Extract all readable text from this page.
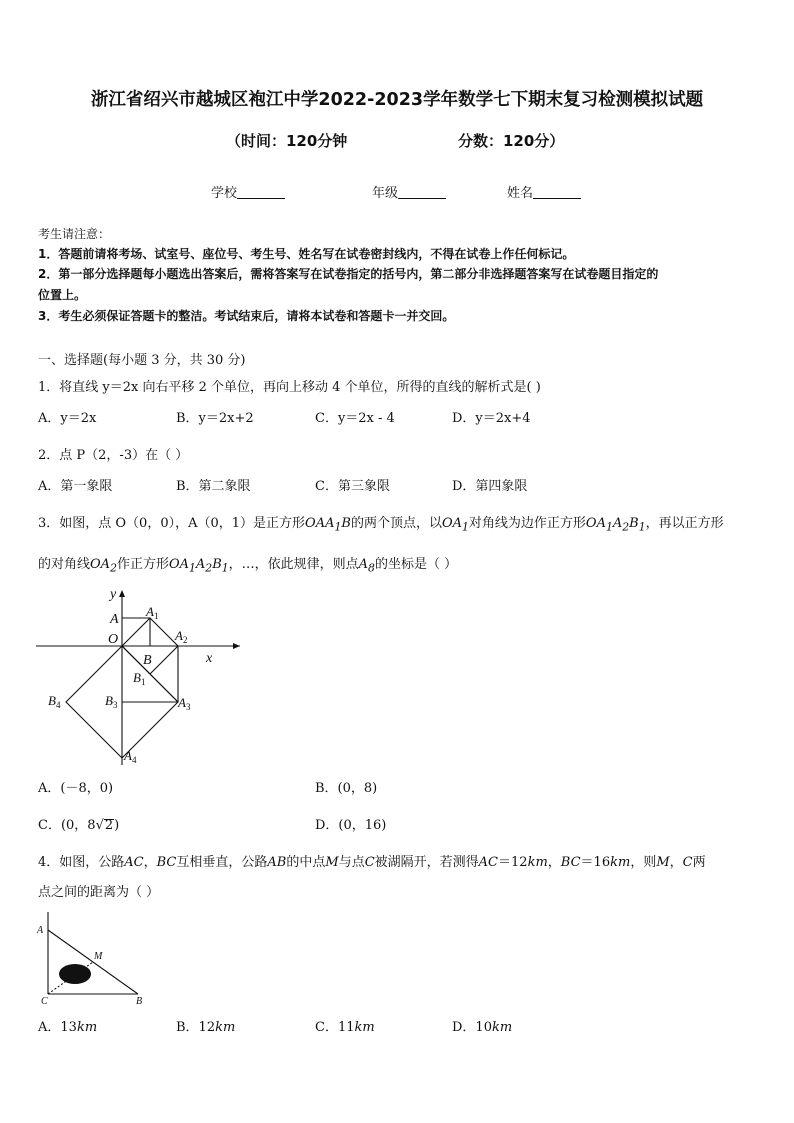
浙江省绍兴市越城区袍江中学2022-2023学年数学七下期末复习检测模拟试题
（时间：120分钟	分数：120分）
学校	年级	姓名
考生请注意：
1．答题前请将考场、试室号、座位号、考生号、姓名写在试卷密封线内，不得在试卷上作任何标记。
2．第一部分选择题每小题选出答案后，需将答案写在试卷指定的括号内，第二部分非选择题答案写在试卷题目指定的
位置上。
3．考生必须保证答题卡的整洁。考试结束后，请将本试卷和答题卡一并交回。
一、选择题(每小题 3 分，共 30 分)
1．将直线 y＝2x 向右平移 2 个单位，再向上移动 4 个单位，所得的直线的解析式是( )
A．y＝2x	B．y＝2x+2	C．y＝2x - 4	D．y＝2x+4
2．点 P（2，-3）在（ ）
A．第一象限	B．第二象限	C．第三象限	D．第四象限
3．如图，点 O（0，0），A（0，1）是正方形$OAA_1B$的两个顶点，以$OA_1$对角线为边作正方形$OA_1A_2B_1$，再以正方形
的对角线$OA_2$作正方形$OA_1A_2B_1$，…，依此规律，则点$A_8$的坐标是（ ）
y
x
A
O
B
$A_1$
$A_2$
$B_1$
$B_3$
$B_4$	$A_3$
$A_4$
A．(－8，0)	B．(0，8)
C．(0，8√2)	D．(0，16)
4．如图，公路AC，BC互相垂直，公路AB的中点M与点C被湖隔开，若测得AC＝12km，BC＝16km，则M，C两
点之间的距离为（ ）
A
M
C	B
A．13km	B．12km	C．11km	D．10km
